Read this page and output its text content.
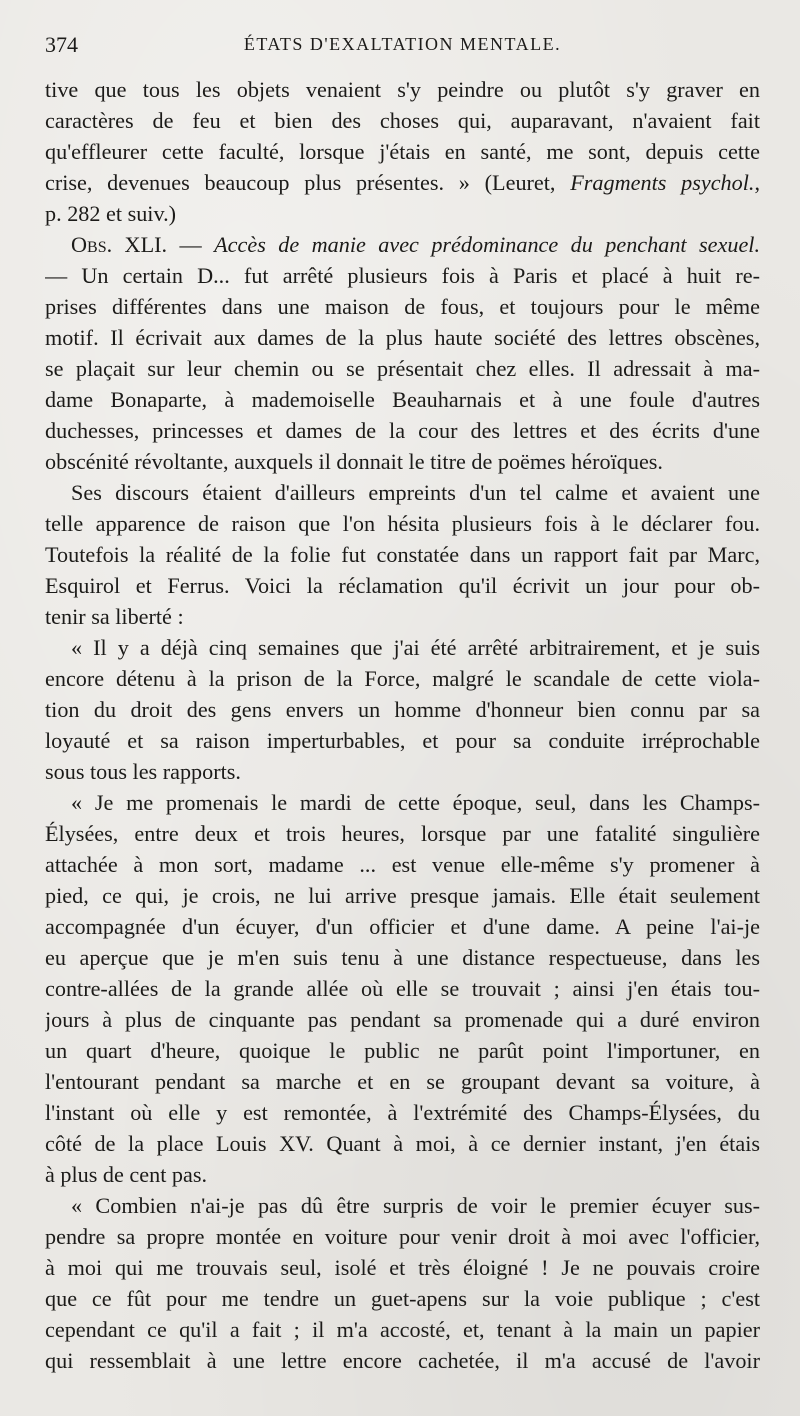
374	ÉTATS D'EXALTATION MENTALE.
tive que tous les objets venaient s'y peindre ou plutôt s'y graver en
caractères de feu et bien des choses qui, auparavant, n'avaient fait
qu'effleurer cette faculté, lorsque j'étais en santé, me sont, depuis cette
crise, devenues beaucoup plus présentes. » (Leuret, Fragments psychol.,
p. 282 et suiv.)
Obs. XLI. — Accès de manie avec prédominance du penchant sexuel.
— Un certain D... fut arrêté plusieurs fois à Paris et placé à huit re-
prises différentes dans une maison de fous, et toujours pour le même
motif. Il écrivait aux dames de la plus haute société des lettres obscènes,
se plaçait sur leur chemin ou se présentait chez elles. Il adressait à ma-
dame Bonaparte, à mademoiselle Beauharnais et à une foule d'autres
duchesses, princesses et dames de la cour des lettres et des écrits d'une
obscénité révoltante, auxquels il donnait le titre de poëmes héroïques.
Ses discours étaient d'ailleurs empreints d'un tel calme et avaient une
telle apparence de raison que l'on hésita plusieurs fois à le déclarer fou.
Toutefois la réalité de la folie fut constatée dans un rapport fait par Marc,
Esquirol et Ferrus. Voici la réclamation qu'il écrivit un jour pour ob-
tenir sa liberté :
« Il y a déjà cinq semaines que j'ai été arrêté arbitrairement, et je suis
encore détenu à la prison de la Force, malgré le scandale de cette viola-
tion du droit des gens envers un homme d'honneur bien connu par sa
loyauté et sa raison imperturbables, et pour sa conduite irréprochable
sous tous les rapports.
« Je me promenais le mardi de cette époque, seul, dans les Champs-
Élysées, entre deux et trois heures, lorsque par une fatalité singulière
attachée à mon sort, madame ... est venue elle-même s'y promener à
pied, ce qui, je crois, ne lui arrive presque jamais. Elle était seulement
accompagnée d'un écuyer, d'un officier et d'une dame. A peine l'ai-je
eu aperçue que je m'en suis tenu à une distance respectueuse, dans les
contre-allées de la grande allée où elle se trouvait ; ainsi j'en étais tou-
jours à plus de cinquante pas pendant sa promenade qui a duré environ
un quart d'heure, quoique le public ne parût point l'importuner, en
l'entourant pendant sa marche et en se groupant devant sa voiture, à
l'instant où elle y est remontée, à l'extrémité des Champs-Élysées, du
côté de la place Louis XV. Quant à moi, à ce dernier instant, j'en étais
à plus de cent pas.
« Combien n'ai-je pas dû être surpris de voir le premier écuyer sus-
pendre sa propre montée en voiture pour venir droit à moi avec l'officier,
à moi qui me trouvais seul, isolé et très éloigné ! Je ne pouvais croire
que ce fût pour me tendre un guet-apens sur la voie publique ; c'est
cependant ce qu'il a fait ; il m'a accosté, et, tenant à la main un papier
qui ressemblait à une lettre encore cachetée, il m'a accusé de l'avoir
